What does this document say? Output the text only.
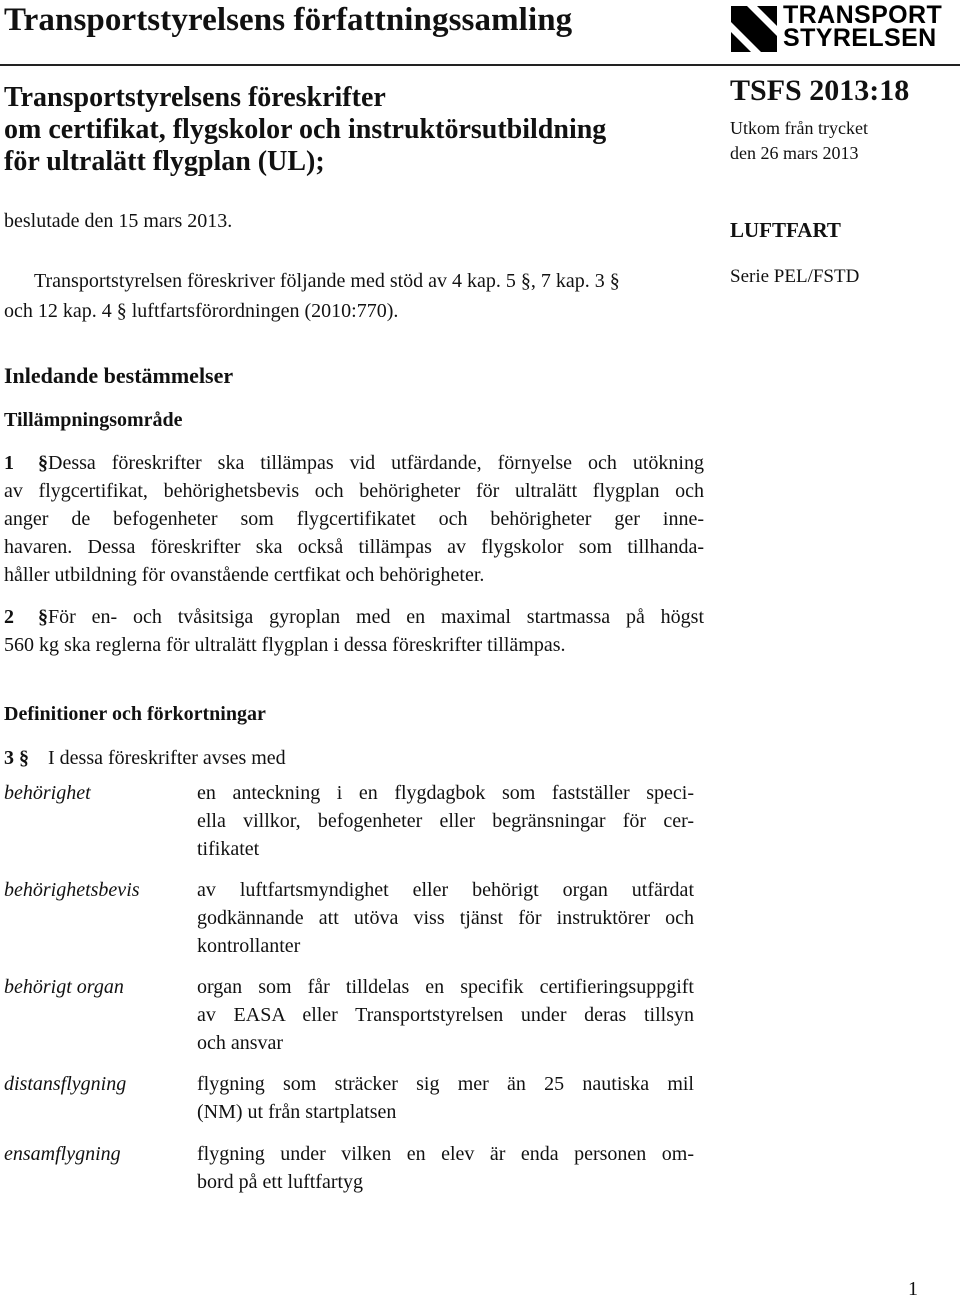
Transportstyrelsens författningssamling	TRANSPORT
STYRELSEN
Transportstyrelsens föreskrifter
om certifikat, flygskolor och instruktörsutbildning
för ultralätt flygplan (UL);
TSFS 2013:18
Utkom från trycket
den 26 mars 2013
beslutade den 15 mars 2013.	LUFTFART
Serie PEL/FSTD
Transportstyrelsen föreskriver följande med stöd av 4 kap. 5 §, 7 kap. 3 §
och 12 kap. 4 § luftfartsförordningen (2010:770).
Inledande bestämmelser
Tillämpningsområde
1 §Dessa föreskrifter ska tillämpas vid utfärdande, förnyelse och utökning
av flygcertifikat, behörighetsbevis och behörigheter för ultralätt flygplan och
anger de befogenheter som flygcertifikatet och behörigheter ger inne-
havaren. Dessa föreskrifter ska också tillämpas av flygskolor som tillhanda-
håller utbildning för ovanstående certfikat och behörigheter.
2 §För en- och tvåsitsiga gyroplan med en maximal startmassa på högst
560 kg ska reglerna för ultralätt flygplan i dessa föreskrifter tillämpas.
Definitioner och förkortningar
3 § I dessa föreskrifter avses med
behörighet	en anteckning i en flygdagbok som fastställer speci-
ella villkor, befogenheter eller begränsningar för cer-
tifikatet
behörighetsbevis	av luftfartsmyndighet eller behörigt organ utfärdat
godkännande att utöva viss tjänst för instruktörer och
kontrollanter
behörigt organ	organ som får tilldelas en specifik certifieringsuppgift
av EASA eller Transportstyrelsen under deras tillsyn
och ansvar
distansflygning	flygning som sträcker sig mer än 25 nautiska mil
(NM) ut från startplatsen
ensamflygning	flygning under vilken en elev är enda personen om-
bord på ett luftfartyg
1
